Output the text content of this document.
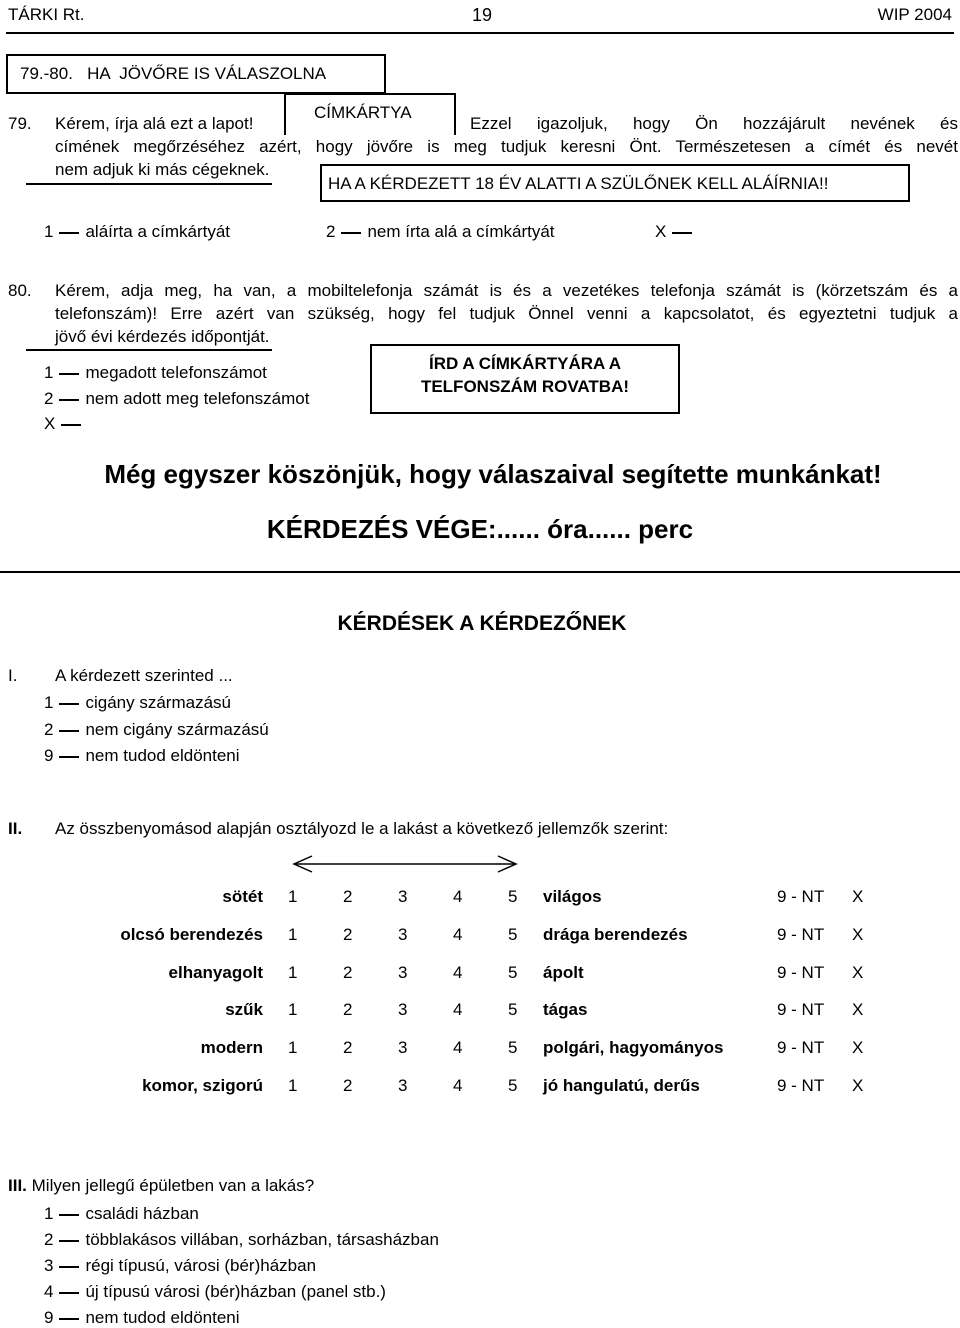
TÁRKI Rt.	19	WIP 2004
79.-80.   HA  JÖVŐRE IS VÁLASZOLNA
79. Kérem, írja alá ezt a lapot!
CÍMKÁRTYA
Ezzel igazoljuk, hogy Ön hozzájárult nevének és
címének megőrzéséhez azért, hogy jövőre is meg tudjuk keresni Önt. Természetesen a címét és nevét
nem adjuk ki más cégeknek.
HA A KÉRDEZETT 18 ÉV ALATTI A SZÜLŐNEK KELL ALÁÍRNIA!!
1 aláírta a címkártyát	2 nem írta alá a címkártyát	X
80. Kérem, adja meg, ha van, a mobiltelefonja számát is és a vezetékes telefonja számát is (körzetszám és a
telefonszám)! Erre azért van szükség, hogy fel tudjuk Önnel venni a kapcsolatot, és egyeztetni tudjuk a
jövő évi kérdezés időpontját.
ÍRD A CÍMKÁRTYÁRA A
TELFONSZÁM ROVATBA!
1 megadott telefonszámot
2 nem adott meg telefonszámot
X
Még egyszer köszönjük, hogy válaszaival segítette munkánkat!
KÉRDEZÉS VÉGE:...... óra...... perc
KÉRDÉSEK A KÉRDEZŐNEK
I. A kérdezett szerinted ...
1 cigány származású
2 nem cigány származású
9 nem tudod eldönteni
II. Az összbenyomásod alapján osztályozd le a lakást a következő jellemzők szerint:
sötét 1	2	3	4	5 világos	9 - NT X
olcsó berendezés 1	2	3	4	5 drága berendezés	9 - NT X
elhanyagolt 1	2	3	4	5 ápolt	9 - NT X
szűk 1	2	3	4	5 tágas	9 - NT X
modern 1	2	3	4	5 polgári, hagyományos	9 - NT X
komor, szigorú 1	2	3	4	5 jó hangulatú, derűs	9 - NT X
III. Milyen jellegű épületben van a lakás?
1 családi házban
2 többlakásos villában, sorházban, társasházban
3 régi típusú, városi (bér)házban
4 új típusú városi (bér)házban (panel stb.)
9 nem tudod eldönteni
